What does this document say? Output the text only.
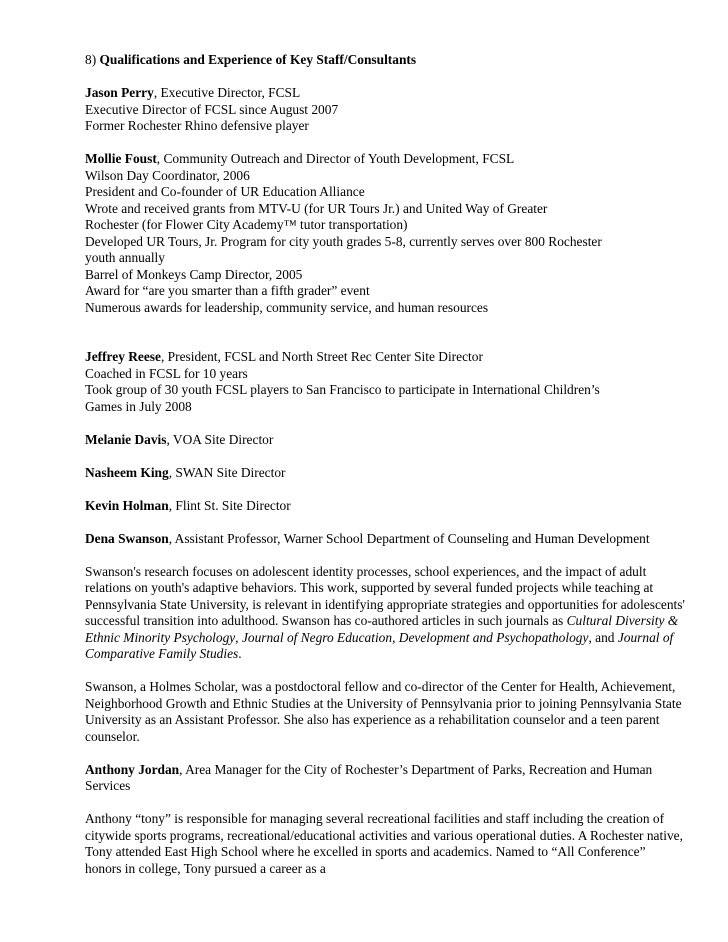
8) Qualifications and Experience of Key Staff/Consultants
Jason Perry, Executive Director, FCSL
Executive Director of FCSL since August 2007
Former Rochester Rhino defensive player
Mollie Foust, Community Outreach and Director of Youth Development, FCSL
Wilson Day Coordinator, 2006
President and Co-founder of UR Education Alliance
Wrote and received grants from MTV-U (for UR Tours Jr.) and United Way of Greater
Rochester (for Flower City Academy™ tutor transportation)
Developed UR Tours, Jr. Program for city youth grades 5-8, currently serves over 800 Rochester
youth annually
Barrel of Monkeys Camp Director, 2005
Award for “are you smarter than a fifth grader” event
Numerous awards for leadership, community service, and human resources
Jeffrey Reese, President, FCSL and North Street Rec Center Site Director
Coached in FCSL for 10 years
Took group of 30 youth FCSL players to San Francisco to participate in International Children’s
Games in July 2008
Melanie Davis, VOA Site Director
Nasheem King, SWAN Site Director
Kevin Holman, Flint St. Site Director
Dena Swanson, Assistant Professor, Warner School Department of Counseling and Human Development
Swanson's research focuses on adolescent identity processes, school experiences, and the impact of adult relations on youth's adaptive behaviors. This work, supported by several funded projects while teaching at Pennsylvania State University, is relevant in identifying appropriate strategies and opportunities for adolescents' successful transition into adulthood. Swanson has co-authored articles in such journals as Cultural Diversity & Ethnic Minority Psychology, Journal of Negro Education, Development and Psychopathology, and Journal of Comparative Family Studies.
Swanson, a Holmes Scholar, was a postdoctoral fellow and co-director of the Center for Health, Achievement, Neighborhood Growth and Ethnic Studies at the University of Pennsylvania prior to joining Pennsylvania State University as an Assistant Professor. She also has experience as a rehabilitation counselor and a teen parent counselor.
Anthony Jordan, Area Manager for the City of Rochester’s Department of Parks, Recreation and Human Services
Anthony “tony” is responsible for managing several recreational facilities and staff including the creation of citywide sports programs, recreational/educational activities and various operational duties. A Rochester native, Tony attended East High School where he excelled in sports and academics. Named to “All Conference” honors in college, Tony pursued a career as a
